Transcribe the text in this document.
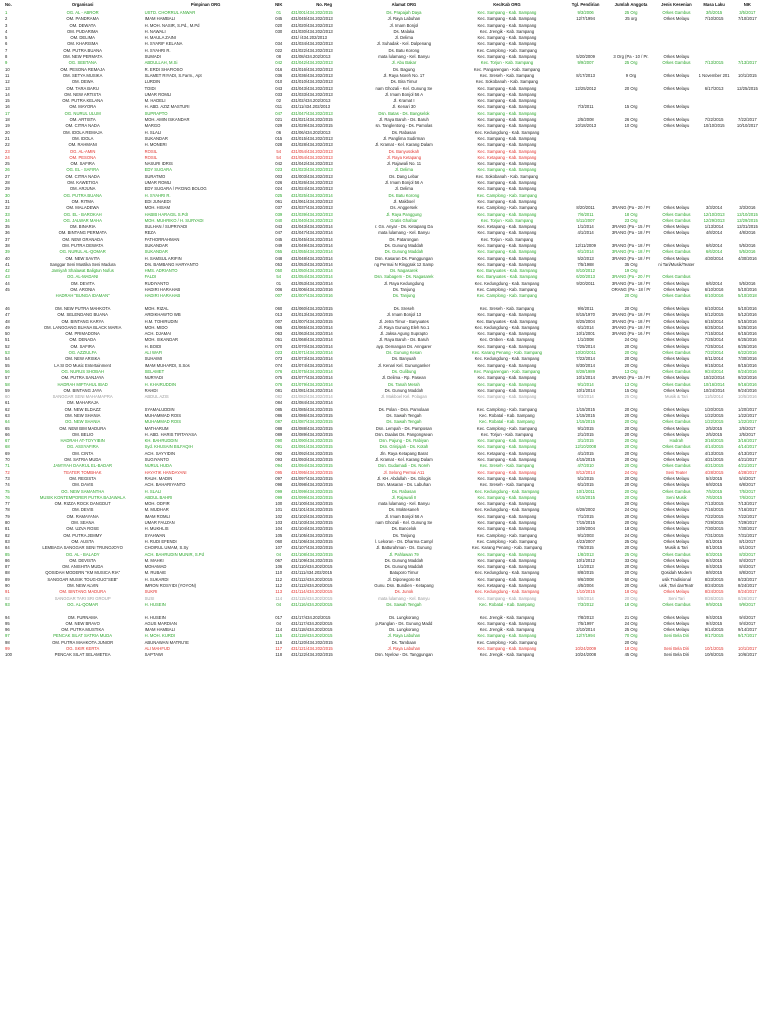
No.	Organisasi	Pimpinan ORG	NIK	No. Reg	Alamat ORG	Kec/Kab ORG	Tgl. Pendirian	Jumlah Anggota	Jenis Kesenian	Masa Laku	NIK
1	OG. AL - ABROR	USTD. CHORRUL ANWAR	01	431/001/434.202/2015	Ds. Prapajah Daya	Kec. Sampang - Kab. Sampang	9/3/2006	25 Org	Orkes Gambus	3/5/2015	3/5/2017
2	OM. PANDRAMA	IMAM HAMBALI	045	431/045/434.202/2013	Jl. Raya Labuhan	Kec. Sampang - Kab. Sampang	12/7/1994	25 org	Orkes Melayu	7/10/2015	7/10/2017
3	OM. DEWATA	H. MOH. NASIR, S.Pd., M.Pd	020	431/020/434.202/2013	Jl. Imam Bonjol	Kec. Sampang - Kab. Sampang					
4	OM. PUDARIMA	H. NAWALI	030	431/030/434.202/2013	Ds. Malaka	Kec. Jrengik - Kab. Sampang					
5	OM. DELIMA	H. MAULA ZAINI		431/ /434.202/2013	Jl. Delima	Kec. Sampang - Kab. Sampang					
6	OM. KHARISMA	H. SYARIF KELANA	034	431/034/434.202/2013	Jl. Suhadak - Kel. Dalpenang	Kec. Sampang - Kab. Sampang					
7	OM. PUTRA BUANA	H. SYAHRI R.	022	431/022/434.202/2013	Ds. Batu Korong	Kec. Camplong - Kab. Sampang					
8	OM. NEW PERMATA	SUMADI	08	431/08/434.202/2013	mata lulamang - Kel. Banyu	Kec. Sampang - Kab. Sampang	5/20/2009	3 Org (Pa - 10 / Pr.	Orkes Melayu		
9	OG. SEBTANA	ABDULLAH, M.Si	042	431/042/434.202/2013	Jl. Abu Bakar	Kec. Torjun - Kab. Sampang	9/9/2007	25 Org	Orkes Gambus	7/13/2015	7/13/2017
10	OM. PESONA REMAJA	R. ERDI SHAFIOSO	016	431/016/434.202/2013	Ds. Bagung	Kec. Pangarengan - Kab. Sampang					
11	OM. SETYA MUSIKA	SLAMET RIYADI, S.Farm., Apt	036	431/036/434.202/2013	Jl. Raya Noreh No. 17	Kec. Sreseh - Kab. Sampang	8/17/2013	9 Org	Orkes Melayu	1 November 201	10/1/2015
12	OM. DEWA	LURDIN	010	431/010/434.202/2013	Ds. Bira Timur	Kec. Sokobanah - Kab. Sampang					
13	OM. TARA BARU	TOIDI	043	431/043/434.202/2013	nam Ghozali - Kel. Gunung Se	Kec. Sampang - Kab. Sampang	12/25/2012	20 Org	Orkes Melayu	6/17/2013	12/25/2015
14	OM. NEW ARTISTA	UMAR ROMLI	033	431/033/434.202/2013	Jl. Imam Bonjol 56 A	Kec. Sampang - Kab. Sampang					
15	OM. PUTRA KELANA	M. HADELI	02	431/02/434.202/2013	Jl. Kramat I	Kec. Sampang - Kab. Sampang					
16	OM. MAYORA	H. ABD. AZIZ MASTURI	011	431/11/434.202/2013	Jl. Kenari 30	Kec. Sampang - Kab. Sampang	7/3/2011	15 Org	Orkes Melayu		
17	OG. NURUL ULUM	SUPRAPTO	047	431/047/434.202/2013	Dsn. Batas - Ds. Bangselok	Kec. Sampang - Kab. Sampang					
18	OM. ARTISTA	MOH. AMIN ISKANDAR	021	431/021/434.202/2015	Jl. Raya Baruh - Ds. Baruh	Kec. Sampang - Kab. Sampang	2/5/2008	26 Org	Orkes Melayu	7/22/2015	7/22/2017
19	OM. CITRA NADA	MARGO	029	431/029/434.202/2015	sn. Tanglentong - Ds. Pamolas	Kec. Sampang - Kab. Sampang	10/18/2013	10 Org	Orkes Melayu	10/10/2015	10/10/2017
20	OM. IDOLA REMAJA	H. SLALI	06	431/06/434.202/2013	Ds. Rabasan	Kec. Kedungdung - Kab. Sampang					
21	OM. IDOLA	SUKANDAR	015	431/015/434.202/2013	Jl. Panglima Sudirman	Kec. Sampang - Kab. Sampang					
22	OM. RAHMANI	H. MONERI	028	431/028/434.202/2013	Jl. Kramat - Kel. Karang Dalam	Kec. Sampang - Kab. Sampang					
23	OG. AL-AMIN	ROSIL	54	431/054/434.202/2013	Ds. Banyusokah	Kec. Sampang - Kab. Sampang					
24	OM. PESONA	ROSIL	54	431/054/434.202/2013	Jl. Raya Ketapang	Kec. Ketapang - Kab. Sampang					
25	OM. SAFIRA	NASURI IDRIS	042	431/042/434.202/2013	Jl. Rajawali No. 11	Kec. Sampang - Kab. Sampang					
26	OG. EL - SAFIRA	EDY SUGARA	023	431/023/434.202/2013	Jl. Delima	Kec. Sampang - Kab. Sampang					
27	OM. CITRA NADA	SURATMO	003	431/003/434.202/2013	Ds. Dang Lebar	Kec. Sokobanah - Kab. Sampang					
28	OM. KAWETIGA	UMAR ROMLI	026	431/026/434.202/2013	Jl. Imam Bonjol 56 A	Kec. Sampang - Kab. Sampang					
29	OM. ARJUNA	EDY SUGARA / PA'DNG BOLOG	024	431/024/434.202/2013	Jl. Delima	Kec. Sampang - Kab. Sampang					
30	OG. PUTRA BUANA	H. SYAHRI R.	025	431/025/434.202/2014	Ds. Batu Korong	Kec. Camplong - Kab. Sampang					
31	OM. RITMA	EDI JUNAEDI	061	431/061/434.202/2013	Jl. Makboel	Kec. Sampang - Kab. Sampang					
32	OM. MALADEWA	MOH. HISAM	037	431/037/434.202/2013	Ds. Anggersek	Kec. Camplong - Kab. Sampang	8/20/2011	3RANG (Pa - 20 / Pr	Orkes Melayu	3/3/2014	3/3/2016
33	OG. EL - BAROKAH	HABIB HARAGIL S.PdI	039	431/039/434.202/2013	Jl. Raya Panggung	Kec. Sampang - Kab. Sampang	7/6/2011	18 Org	Orkes Gambus	12/10/2013	12/10/2015
34	OG. JALWAR MAHA	MOH. MUHRIKO / H. SURYADI	040	431/040/434.202/2013	Gratis Ghafoar	Kec. Torjun - Kab. Sampang	5/11/2007	23 Org	Orkes Gambus	12/29/2013	12/29/2015
35	OM. BINARIA	SULHAN / SUPRIYADI	043	431/043/434.202/2014	r. Gn. Anyar - Ds. Ketapang Da	Kec. Ketapang - Kab. Sampang	1/1/2014	3RANG (Pa - 15 / Pr	Orkes Melayu	1/13/2014	12/31/2015
36	OM. BINTANG PERMATA	REZA	047	431/047/434.202/2014	mata lulamang - Kel. Banyu	Kec. Sampang - Kab. Sampang	4/1/2014	3RANG (Pa - 18 / Pr	Orkes Melayu	4/8/2014	4/8/2016
37	OM. NEW GRANADA	FATHORRAHMAN	045	431/045/434.202/2014	Ds. Patarongan	Kec. Torjun - Kab. Sampang					
38	OM. PUTRA DEWATA	SUKANDAR	049	431/049/434.202/2014	Ds. Gunung Maddah	Kec. Sampang - Kab. Sampang	12/11/2009	3RANG (Pa - 18 / Pr	Orkes Melayu	6/6/2014	5/5/2016
39	OG. NURUL AL-QOMAR	SUKANDAR	055	431/055/434.202/2014	Ds. Gunung Maddah	Kec. Sampang - Kab. Sampang	6/1/2014	3RANG (Pa - 18 / Pr	Orkes Gambus	6/6/2014	5/5/2016
40	OM. NEW SAVITA	H. SAMSUL ARIFIN	048	431/048/434.202/2014	Dsn. Kasaran Ds. Panggungan	Kec. Sampang - Kab. Sampang	5/2/2013	3RANG (Pa - 18 / Pr	Orkes Melayu	4/30/2014	4/30/2016
41	Sanggar Seni Mustika Seni Madura	Drs. BAMBANG HARYANTO	053	431/053/434.202/2014	ng Permai N Ringgrak 12 Samp	Kec. Sampang - Kab. Sampang	7/5/1988	35 Org	ni Tari/Musik/Teater		
42	Jamiyah Shalawat Baligtun Nufus	HMS. ADRIANTO	050	431/050/434.202/2014	Ds. Nagasarek	Kec. Banyuates - Kab. Sampang	8/10/2012	19 Org			
43	OG. AL-MADANI	FALDI	54	431/054/434.202/2014	Dsn. Sabagem - Ds. Nagasarek	Kec. Banyuates - Kab. Sampang	6/20/2013	3RANG (Pa - 20 / Pr	Orkes Gambus		
44	OM. DEVITA	RUDIYANTO	01	431/053/434.202/2014	Jl. Raya Kedungdung	Kec. Kedungdung - Kab. Sampang	9/20/2011	3RANG (Pa - 18 / Pr	Orkes Melayu	6/6/2014	5/5/2016
45	OM. ARONIA	HADIRI HARAHAB	006	431/006/434.202/2016	Ds. Tanjung	Kec. Camplong - Kab. Sampang		ORANG (Pa - 18 / Pr	Orkes Melayu	6/10/2016	5/10/2016
	HADRAH "BUNGA IDAMAN"	HADIRI HARAHAB	007	431/007/434.202/2016	Ds. Tanjung	Kec. Camplong - Kab. Sampang		20 Org	Orkes Gambus	6/10/2016	5/10/2018

46	OM. NEW PUTRA MAHKOTA	MOH. RIZAL	060	431/060/434.202/2015	Ds. Sreseh	Kec. Sreseh - Kab. Sampang	9/6/2011	20 Org	Orkes Melayu	6/10/2014	5/10/2016
47	OM. SELENDANG BUANA	ARDIKHAWTO WB	013	431/013/434.202/2015	Jl. Imam Bonjol 13	Kec. Sampang - Kab. Sampang	8/15/1970	3RANG (Pa - 18 / Pr	Orkes Melayu	5/12/2015	5/12/2016
48	OM. BINTANG KARYA	H.M. TOHIRUDIN	007	431/007/434.202/2015	Jl. Jetra Timur - Banyuates	Kec. Banyuates - Kab. Sampang	8/25/2004	3RANG (Pa - 18 / Pr	Orkes Melayu	6/15/2014	5/15/2016
49	OM. LANGGANG BUANA BLACK MARIA	MOH. MIDO	065	431/065/434.202/2014	Jl. Raya Gunung Eleh No.1	Kec. Kedungdung - Kab. Sampang	6/1/2014	3RANG (Pa - 18 / Pr	Orkes Melayu	6/25/2014	5/25/2016
50	OM. PRIMADONA	ACH. DJAMAI	063	431/063/434.202/2014	Jl. Jaksa Agung Suprapto	Kec. Sampang - Kab. Sampang	10/1/2001	3RANG (Pa - 16 / Pr	Orkes Melayu	7/15/2014	6/15/2016
51	OM. DENADA	MOH. ISKANDAR	051	431/068/434.202/2014	Jl. Raya Baruh - Ds. Baruh	Kec. Omben - Kab. Sampang	1/1/2008	24 Org	Orkes Melayu	7/25/2014	6/25/2016
52	OM. SAFIRA	H. BOIDI	070	431/070/434.202/2014	ayp. Demangan Ds. Anngarer	Kec. Sampang - Kab. Sampang	7/25/2014	20 Org	Orkes Melayu	7/25/2014	6/25/2016
53	OG. AZZIULFA	ALI WAFI	023	431/071/434.202/2014	Ds. Gunung Kesan	Kec. Karang Penang - Kab. Sampang	10/20/2011	20 Org	Orkes Gambus	7/22/2014	6/22/2016
54	OM. NEW ARISKA	SUHAIMI	073	431/073/434.202/2014	Ds. Banyuah	Kec. Kedungdung - Kab. Sampang	7/22/2014	20 Org	Orkes Melayu	8/11/2014	7/30/2016
55	LA SI DO Music Entertainment	IMAM MUHARDI, S.Sos	074	431/074/434.202/2014	Jl. Kenari Kel. Gununganker	Kec. Sampang - Kab. Sampang	8/30/2014	20 Org	Orkes Melayu	9/15/2014	8/15/2016
56	OG. NURUS SHOBAH	SELAMET	076	431/075/434.202/2014	Ds. Gulibung	Kec. Pangarengan - Kab. Sampang	8/28/1989	13 Org	Orkes Gambus	9/24/2014	8/24/2016
57	OM. PUTRA SANJAYA	NURYADI	075	431/077/434.202/2014	Jl. Delima - Rp. Pasean	Kec. Sampang - Kab. Sampang	10/1/2014	3RANG (Pa - 15 / Pr	Orkes Melayu	10/22/2014	9/22/2016
58	HADRAH MIFTAHUL IBAD	H. KHAIRUDDIN	076	431/079/434.202/2014	Ds. Tanah Merah	Kec. Sampang - Kab. Sampang	9/1/2014	13 Org	Orkes Gambus	10/16/2014	9/16/2016
59	OM. BINTANG JAYA	RAHDI	081	431/081/434.202/2014	Ds. Gunung Maddah	Kec. Sampang - Kab. Sampang	10/1/2014	15 Org	Orkes Melayu	10/24/2014	9/24/2016
60	SANGGAR SENI MAHAMAPRA	ABDUL AZIS	082	431/082/434.202/2014	Jl. Makboel Kel. Polagan	Kec. Sampang - Kab. Sampang	9/3/2014	25 Org	Musik & Tari	11/5/2014	10/5/2016
61	OM. MAHARAJA		084	431/084/434.202/2014							
62	OM. NEW ELDAZZ	SYAMALUDDIN	085	431/085/434.202/2015	Ds. Polan - Dsn. Pamolaan	Kec. Camplong - Kab. Sampang	1/15/2015	20 Org	Orkes Melayu	1/20/2015	1/20/2017
63	OM. NEW SHANIA	MUHAMMAD ROIS	086	431/086/434.202/2015	Ds. Sawah Tengah	Kec. Robatal - Kab. Sampang	1/15/2015	20 Org	Orkes Melayu	1/22/2015	1/22/2017
64	OG. NEW SHANIA	MUHAMMAD ROIS	087	431/087/434.202/2015	Ds. Sawah Tengah	Kec. Robatal - Kab. Sampang	1/15/2015	20 Org	Orkes Gambus	1/22/2015	1/22/2017
65	OM. NEW BIM MADURA	MATHARUM	088	431/088/434.202/2015	Dsn. Lempah - Ds. Pamposan	Kec. Camplong - Kab. Sampang	9/1/2015	20 Org	Orkes Melayu	2/5/2015	2/5/2017
66	OM. BELIO	H. ABD. HARIS TIRTAYASA	089	431/089/434.202/2015	Dsn. Daalas Ds. Pangongsean	Kec. Torjun - Kab. Sampang	2/1/2015	20 Org	Orkes Melayu	2/5/2015	2/5/2017
67	HADRAH AT-TOYYIBIN	KH. BAHRUDDIN	090	431/090/434.202/2015	Dsn. Pajung - Ds. Rabiyan	Kec. Sampang - Kab. Sampang	3/1/2015	20 Org	Hadrah	3/16/2015	3/16/2017
68	OG. ASSYAFIRA	Syd. KHUSAIN BILFAQIH	091	431/091/434.202/2015	Dsn. Grinjajah - Ds. Kotah	Kec. Sampang - Kab. Sampang	12/10/2008	20 Org	Orkes Gambus	4/14/2015	4/14/2017
69	OM. CINTA	ACH. SAYYIDIN	092	431/092/434.202/2015	Jln. Raya Ketapang Barat	Kec. Ketapang - Kab. Sampang	4/1/2015	20 Org	Orkes Melayu	4/13/2015	4/13/2017
70	OM. SATRIA MUDA	SUGIYANTO	093	431/093/434.202/2015	Jl. Kramat - Kel. Karang Dalam	Kec. Sampang - Kab. Sampang	4/15/2015	20 Org	Orkes Melayu	4/21/2015	4/21/2017
71	JAM'IYAH DAARUL EL-BADAR	NURUL HUDA	094	431/094/434.202/2015	Dsn. Gudamadi - Ds. Noreh	Kec. Sreseh - Kab. Sampang	4/7/2010	20 Org	Orkes Gambus	4/21/2015	4/21/2017
72	TEATER TOMBHAK	HAYATIK HANDAYANI	095	431/095/434.202/2015	Jl. Selong Permai A11	Kec. Sampang - Kab. Sampang	8/12/2014	24 Org	Seni Teater	4/28/2015	4/28/2017
73	OM. REGISTA	RAUH. MADIN	097	431/097/434.202/2015	Jl. KH. Abdullah - Ds. Gilogis	Kec. Sampang - Kab. Sampang	5/1/2015	20 Org	Orkes Melayu	5/4/2015	5/4/2017
74	OM. DAVIS	ACH. BAHARIYANTO	098	431/098/434.202/2015	Dsn. Masaran - Ds. Labuhan	Kec. Sreseh - Kab. Sampang	6/1/2015	20 Org	Orkes Melayu	6/8/2015	6/8/2017
75	OG. NEW SAMANTHA	H. SLALI	099	431/099/434.202/2015	Ds. Rabasan	Kec. Kedungdung - Kab. Sampang	10/1/2011	20 Org	Orkes Gambus	7/5/2015	7/5/2017
76	MUSIK KONTEMPORER PUTRA BAJAWALA	ABDUL BAHRI	099	431/099/434.202/2015	Jl. Rajawali II	Kec. Sampang - Kab. Sampang	6/15/2015	20 Org	Seni Musik	7/6/2015	7/6/2017
77	OM. RIZZA ROCK DANGDUT	MOH. ODFIR	100	431/100/434.202/2015	mata lulamang - Kel. Banyu	Kec. Sampang - Kab. Sampang		20 Org	Orkes Melayu	7/13/2015	7/13/2017
78	OM. DEVIS	M. MUDHAR	101	431/101/434.202/2015	Ds. Moktesaneh	Kec. Kedungdung - Kab. Sampang	6/28/2002	24 Org	Orkes Melayu	7/16/2015	7/16/2017
79	OM. RAMAYANA	IMAM ROMLI	102	431/102/434.202/2015	Jl. Imam Bonjol 56 A	Kec. Sampang - Kab. Sampang	7/1/2015	20 Org	Orkes Melayu	7/22/2015	7/22/2017
80	OM. SEANA	UMAR FAUZAN	103	431/103/434.202/2015	nam Ghozali - Kel. Gunung Se	Kec. Sampang - Kab. Sampang	7/15/2015	20 Org	Orkes Melayu	7/29/2015	7/29/2017
81	OM. UZVA ROSE	H. MUKHLIS	104	431/104/434.202/2015	Ds. Bancelok	Kec. Sampang - Kab. Sampang	10/9/2004	18 Org	Orkes Melayu	7/30/2015	7/30/2017
82	OM. PUTRA JEMMY	SYAHWAN	105	431/105/434.202/2015	Ds. Tanjung	Kec. Camplong - Kab. Sampang	9/1/2003	24 Org	Orkes Melayu	7/31/2015	7/31/2017
83	OM. AUSTA	H. RUDI EFENDI	060	431/106/434.202/2015	l. Lekoran - Ds. Dharma Campl	Kec. Camplong - Kab. Sampang	4/23/2007	25 Org	Orkes Melayu	8/1/2015	8/1/2017
84	LEMBAGA SANGGAR SENI TRUNOJOYO	CHOIRUL UMAM, S.Sy	107	431/107/434.202/2015	Jl. Batturahman - Ds. Gunung	Kec. Karang Penang - Kab. Sampang	7/6/2015	20 Org	Musik & Tari	8/1/2015	8/1/2017
85	OG. AL - BALADY	ACH. BAHRUDIN MUNIR, S.Pd	04	431/108/434.202/2015	Jl. Pahlawan 79	Kec. Sampang - Kab. Sampang	1/8/2013	25 Org	Orkes Gambus	8/3/2015	8/3/2017
86	OM. DEVISTA	M. MAHKI	067	431/109/434.202/2015	Ds. Gunung Maddah	Kec. Sampang - Kab. Sampang	10/1/2012	33 Org	Orkes Melayu	8/4/2015	8/4/2017
87	OM. ANISHITA MUDA	MOHAMAD	106	431/110/434.202/2015	Ds. Gunung Maddah	Kec. Sampang - Kab. Sampang	1/1/2013	20 Org	Orkes Melayu	8/4/2015	8/4/2017
88	QOSIDAH MODERN "KM MUSICA RIA"	M. RUBAIE	110	431/111/434.202/2015	Batuporo Timur	Kec. Kedungdung - Kab. Sampang	8/8/2015	20 Org	Qosidah Modern	8/8/2015	8/8/2017
89	SANGGAR MUSIK TOUG-DUG"SEB"	H. SUKARDI	112	431/112/434.202/2015	Jl. Diponegoro 84	Kec. Sampang - Kab. Sampang	9/6/2008	50 Org	usik Tradisional	8/23/2015	8/23/2017
90	OM. NEW ALVIN	IMRON ROSYIDI (YOYON)	112	431/113/434.202/2015	Gunu. Dsn. Bundien - Ketapang	Kec. Ketapang - Kab. Sampang	4/5/2004	20 Org	usik ,Tari danTeatr	8/24/2015	8/24/2017
91	OM. BINTANG MADURA	SUKRI	113	431/114/434.202/2015	Ds. Junok	Kec. Kedungdung - Kab. Sampang	1/10/2015	18 Org	Orkes Melayu	8/24/2015	8/24/2017
92	SANGGAR TARI SRI GROUP	SUSI	114	431/115/434.202/2015	mata lulamang - Kel. Banyu	Kec. Sampang - Kab. Sampang	5/8/2014	20 Org	Seni Tari	8/26/2015	8/26/2017
93	OG. AL-QOMAR	H. HUSEIN	04	431/116/434.202/2015	Ds. Sawah Tengah	Kec. Robatal - Kab. Sampang	7/3/2012	18 Org	Orkes Gambus	9/9/2015	9/9/2017

94	OM. FURNAMA	H. HUSEIN	017	431/17/434.202/2015	Ds. Lungkorang	Kec. Jrengik - Kab. Sampang	7/8/2013	21 Org	Orkes Melayu	9/4/2015	9/4/2017
95	OM. NEW BRAVO	AGUS MARDIAN	04	431/117/434.202/2015	p.Ranglan - Ds. Gunung Madd	Kec. Sampang - Kab. Sampang	7/5/1997	24 Org	Orkes Melayu	9/4/2015	9/4/2017
96	OM. PUTRA MUSTIKA	IMAM HAMBALI	114	431/118/434.202/2015	Ds. Lungkorang	Kec. Jrengik - Kab. Sampang	2/10/2014	25 Org	Orkes Melayu	9/14/2015	9/14/2017
97	PENCAK SILAT SATRIA MUDA	H. MOH. KURDI	115	431/119/434.202/2015	Jl. Raya Labuhan	Kec. Sampang - Kab. Sampang	12/7/1994	70 Org	Seni Bela Diri	9/17/2015	9/17/2017
98	OM. PUTRA MAHKOTA JUNIOR	ABUNAWAN MATRU'IE	116	431/120/434.202/2015	Ds. Tambaan	Kec. Camplong - Kab. Sampang		20 Org			
99	OG. SKIR KERTA	ALI MAHFUD	117	431/121/434.202/2015	Jl. Raya Labuhan	Kec. Sampang - Kab. Sampang	10/24/2009	18 Org	Seni Bela Diri	10/1/2015	10/1/2017
100	PENCAK SILAT SELAMETEA	SAPTAWI	118	431/122/434.202/2015	Dsn. Nyelow - Ds. Tanggungan	Kec. Jrengik - Kab. Sampang	10/24/2008	45 Org	Seni Bela Diri	10/6/2015	10/6/2017
